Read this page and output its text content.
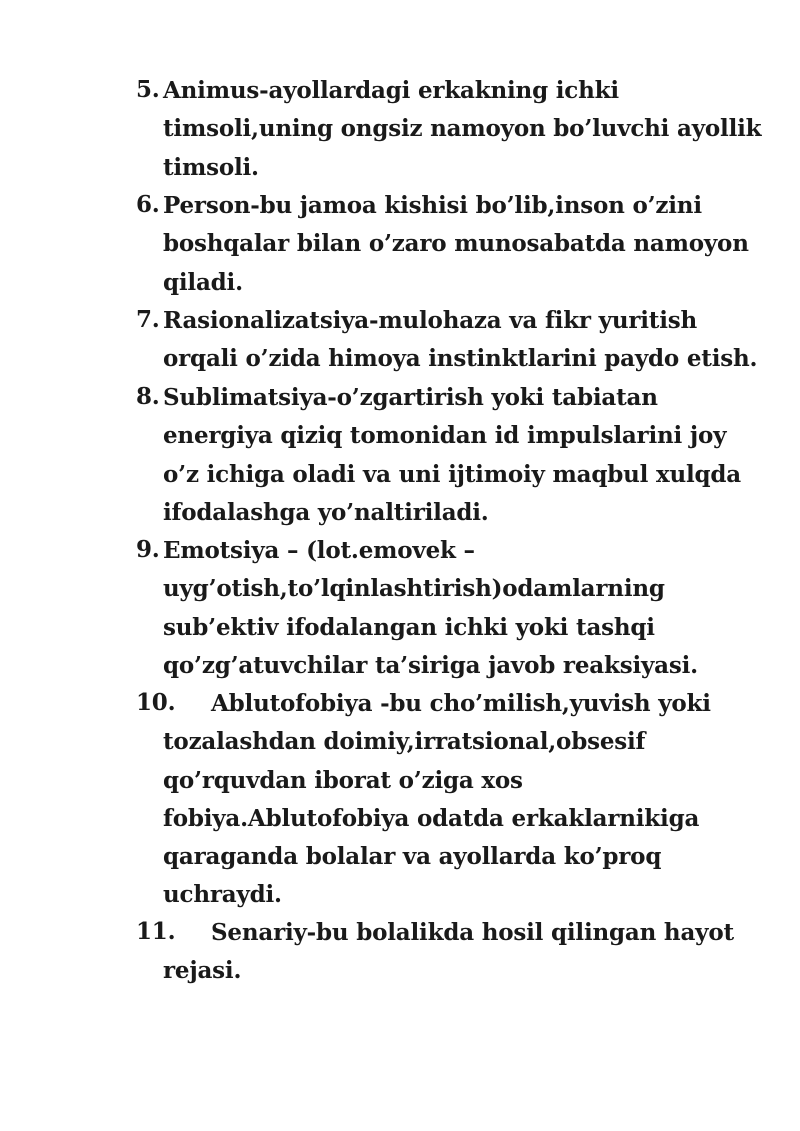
5. Animus-ayollardagi erkakning ichki
timsoli,uning ongsiz namoyon bo’luvchi ayollik
timsoli.
6. Person-bu jamoa kishisi bo’lib,inson o’zini
boshqalar bilan o’zaro munosabatda namoyon
qiladi.
7. Rasionalizatsiya-mulohaza va fikr yuritish
orqali o’zida himoya instinktlarini paydo etish.
8. Sublimatsiya-o’zgartirish yoki tabiatan
energiya qiziq tomonidan id impulslarini joy
o’z ichiga oladi va uni ijtimoiy maqbul xulqda
ifodalashga yo’naltiriladi.
9. Emotsiya – (lot.emovek –
uyg’otish,to’lqinlashtirish)odamlarning
sub’ektiv ifodalangan ichki yoki tashqi
qo’zg’atuvchilar ta’siriga javob reaksiyasi.
10.	Ablutofobiya -bu cho’milish,yuvish yoki
tozalashdan doimiy,irratsional,obsesif
qo’rquvdan iborat o’ziga xos
fobiya.Ablutofobiya odatda erkaklarnikiga
qaraganda bolalar va ayollarda ko’proq
uchraydi.
11.	Senariy-bu bolalikda hosil qilingan hayot
rejasi.
